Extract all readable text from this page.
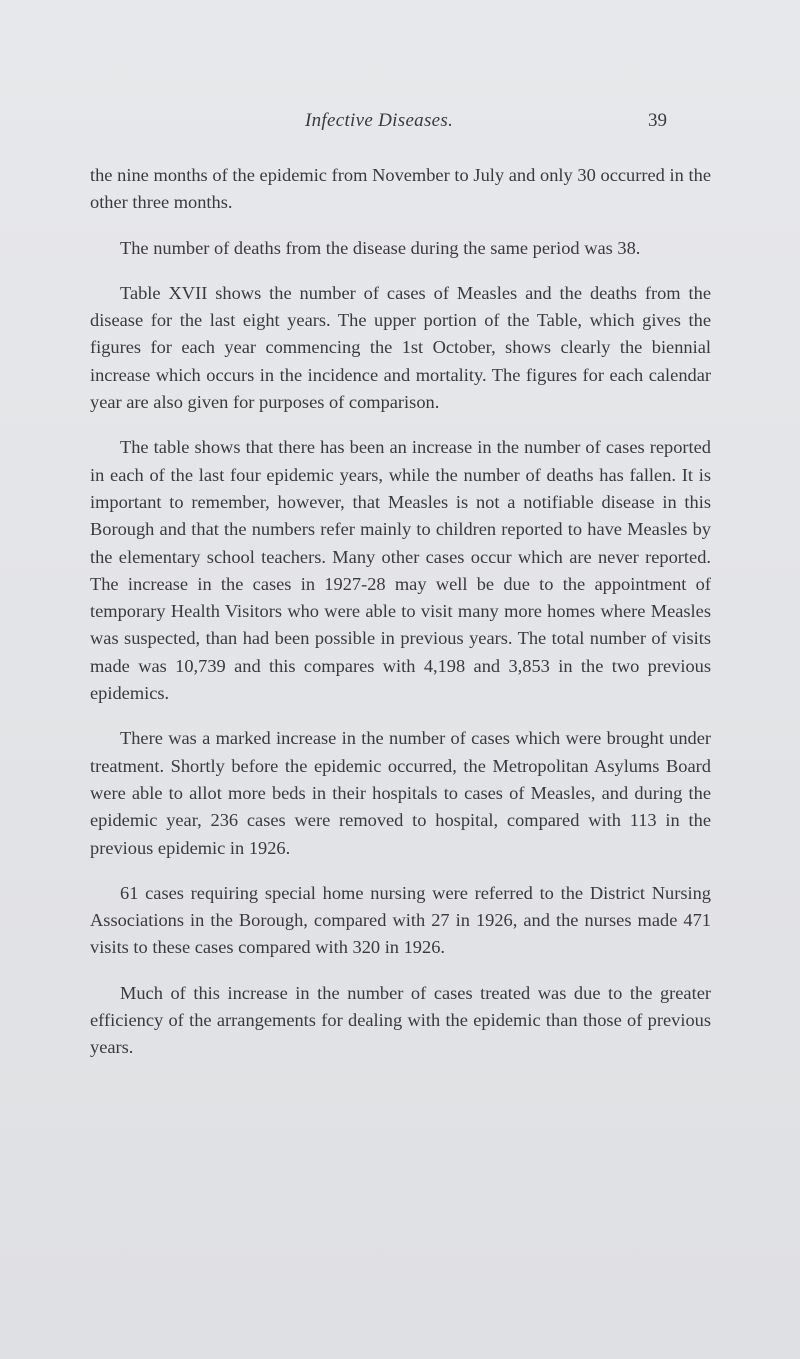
Infective Diseases.	39

the nine months of the epidemic from November to July and only 30 occurred in the other three months.

The number of deaths from the disease during the same period was 38.

Table XVII shows the number of cases of Measles and the deaths from the disease for the last eight years. The upper portion of the Table, which gives the figures for each year commencing the 1st October, shows clearly the biennial increase which occurs in the incidence and mortality. The figures for each calendar year are also given for purposes of comparison.

The table shows that there has been an increase in the number of cases reported in each of the last four epidemic years, while the number of deaths has fallen. It is important to remember, however, that Measles is not a notifiable disease in this Borough and that the numbers refer mainly to children reported to have Measles by the elementary school teachers. Many other cases occur which are never reported. The increase in the cases in 1927-28 may well be due to the appointment of temporary Health Visitors who were able to visit many more homes where Measles was suspected, than had been possible in previous years. The total number of visits made was 10,739 and this compares with 4,198 and 3,853 in the two previous epidemics.

There was a marked increase in the number of cases which were brought under treatment. Shortly before the epidemic occurred, the Metropolitan Asylums Board were able to allot more beds in their hospitals to cases of Measles, and during the epidemic year, 236 cases were removed to hospital, compared with 113 in the previous epidemic in 1926.

61 cases requiring special home nursing were referred to the District Nursing Associations in the Borough, compared with 27 in 1926, and the nurses made 471 visits to these cases compared with 320 in 1926.

Much of this increase in the number of cases treated was due to the greater efficiency of the arrangements for dealing with the epidemic than those of previous years.
